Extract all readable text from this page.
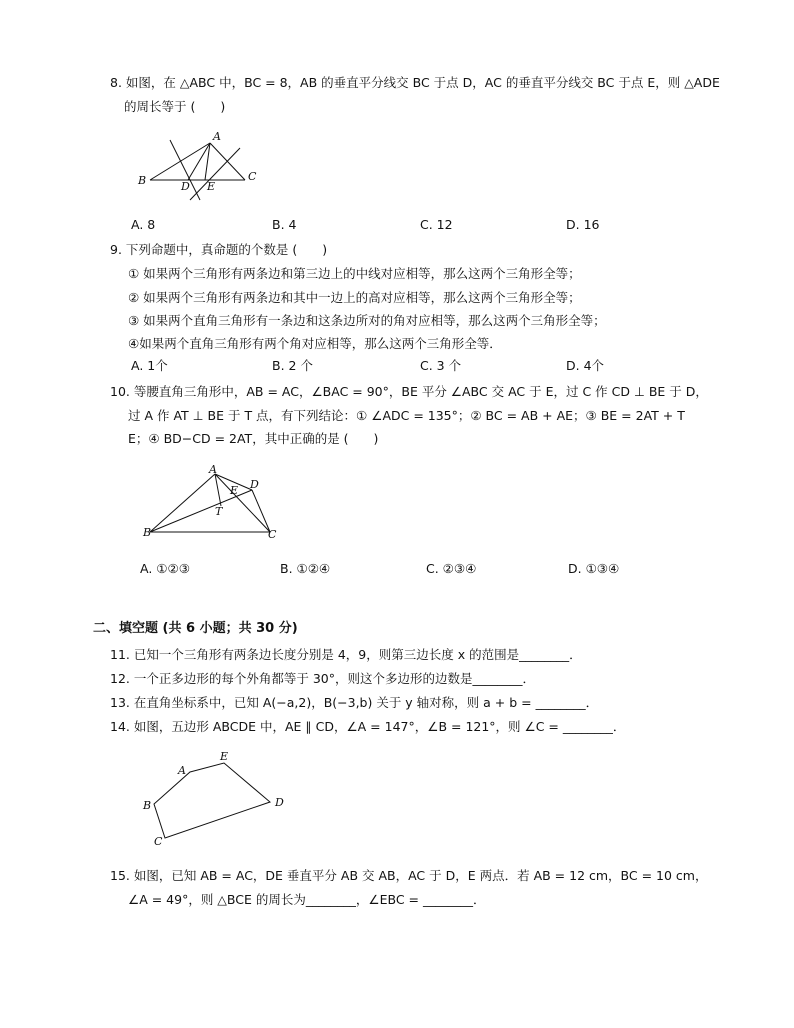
8. 如图，在 △ABC 中，BC = 8，AB 的垂直平分线交 BC 于点 D，AC 的垂直平分线交 BC 于点 E，则 △ADE
的周长等于 (　　)
A
B	C
D E
A. 8	B. 4	C. 12	D. 16
9. 下列命题中，真命题的个数是 (　　)
① 如果两个三角形有两条边和第三边上的中线对应相等，那么这两个三角形全等；
② 如果两个三角形有两条边和其中一边上的高对应相等，那么这两个三角形全等；
③ 如果两个直角三角形有一条边和这条边所对的角对应相等，那么这两个三角形全等；
④如果两个直角三角形有两个角对应相等，那么这两个三角形全等．
A. 1个	B. 2 个	C. 3 个	D. 4个
10. 等腰直角三角形中，AB = AC，∠BAC = 90°，BE 平分 ∠ABC 交 AC 于 E，过 C 作 CD ⊥ BE 于 D，
过 A 作 AT ⊥ BE 于 T 点，有下列结论：① ∠ADC = 135°；② BC = AB + AE；③ BE = 2AT + T
E；④ BD−CD = 2AT，其中正确的是 (　　)
A
B	C
D
E
T
A. ①②③	B. ①②④	C. ②③④	D. ①③④
二、填空题 (共 6 小题；共 30 分)
11. 已知一个三角形有两条边长度分别是 4，9，则第三边长度 x 的范围是________．
12. 一个正多边形的每个外角都等于 30°，则这个多边形的边数是________．
13. 在直角坐标系中，已知 A(−a,2)，B(−3,b) 关于 y 轴对称，则 a + b = ________．
14. 如图，五边形 ABCDE 中，AE ∥ CD，∠A = 147°，∠B = 121°，则 ∠C = ________．
A
E
D
B
C
15. 如图，已知 AB = AC，DE 垂直平分 AB 交 AB，AC 于 D，E 两点．若 AB = 12 cm，BC = 10 cm，
∠A = 49°，则 △BCE 的周长为________，∠EBC = ________．
